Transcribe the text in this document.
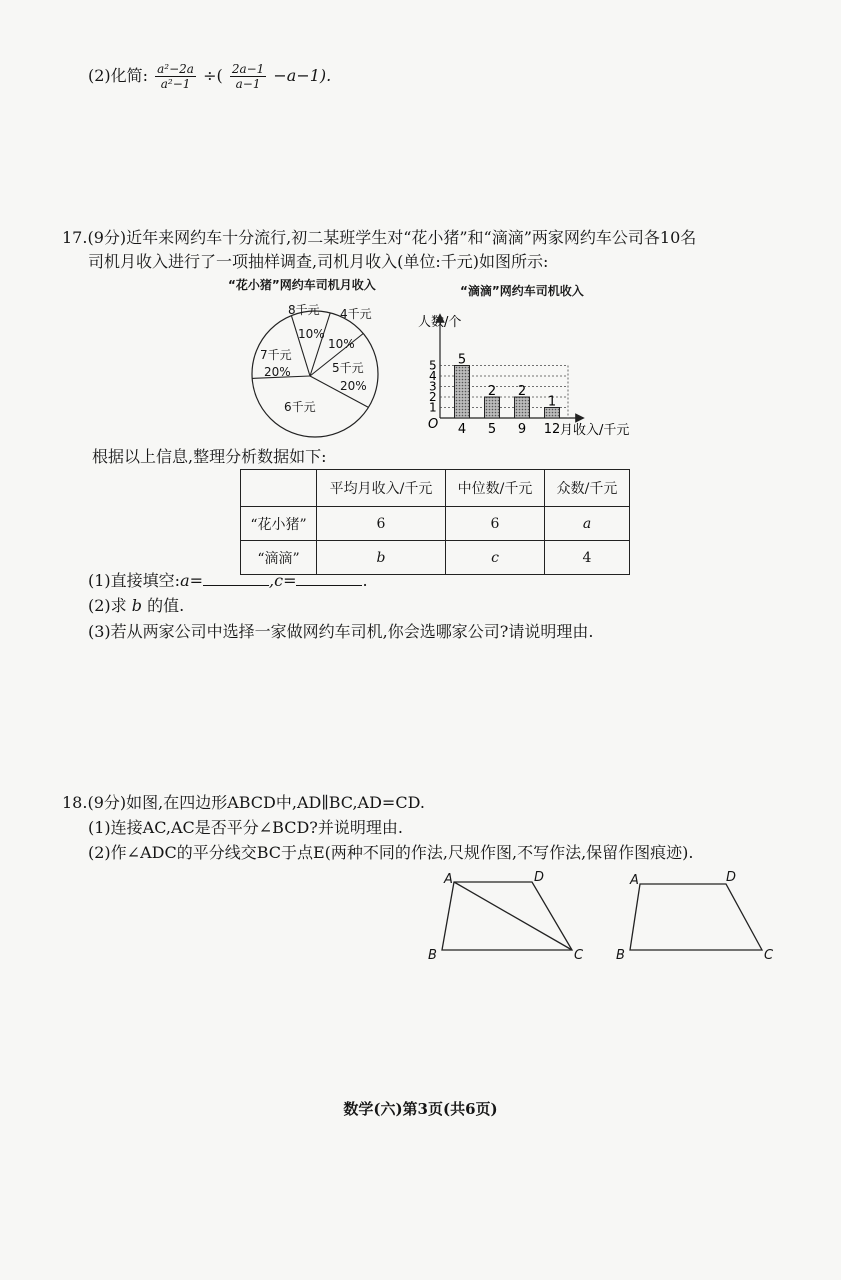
(2)化简: $\frac{\text{a²−2a}}{\text{a²−1}}$ ÷( $\frac{2a-1}{a-1} -a-1$).
17.(9分)近年来网约车十分流行,初二某班学生对“花小猪”和“滴滴”两家网约车公司各10名
司机月收入进行了一项抽样调查,司机月收入(单位:千元)如图所示:
“花小猪”网约车司机月收入
8千元
10%
4千元
10%
5千元
20%
6千元
7千元
20%
“滴滴”网约车司机收入
人数/个
O	月收入/千元
1
2
3
4
5 5
4
2
5
2
9
1
12
根据以上信息,整理分析数据如下:
	平均月收入/千元	中位数/千元	众数/千元
“花小猪”	6	6	a
“滴滴”	b	c	4
(1)直接填空:a=	,c=	.
(2)求 b 的值.
(3)若从两家公司中选择一家做网约车司机,你会选哪家公司?请说明理由.
18.(9分)如图,在四边形ABCD中,AD∥BC,AD=CD.
(1)连接AC,AC是否平分∠BCD?并说明理由.
(2)作∠ADC的平分线交BC于点E(两种不同的作法,尺规作图,不写作法,保留作图痕迹).
A	D
B	C
A	D
B	C
数学(六)第3页(共6页)
